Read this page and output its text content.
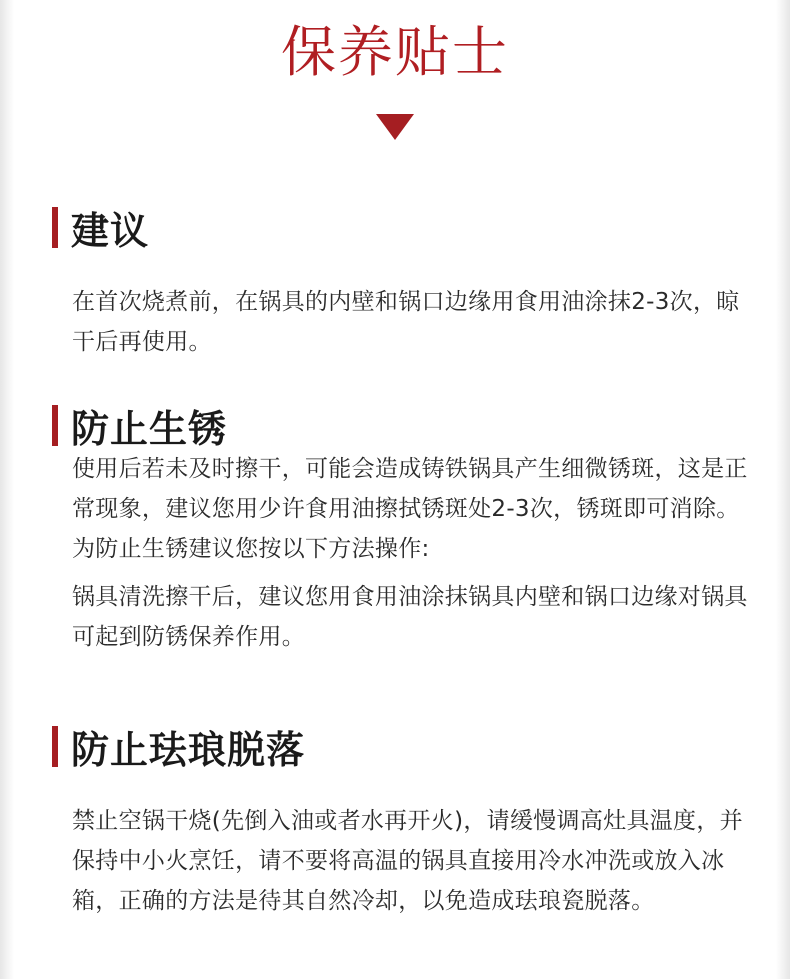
保养贴士
建议
在首次烧煮前，在锅具的内壁和锅口边缘用食用油涂抹2-3次，晾干后再使用。
防止生锈
使用后若未及时擦干，可能会造成铸铁锅具产生细微锈斑，这是正常现象，建议您用少许食用油擦拭锈斑处2-3次，锈斑即可消除。为防止生锈建议您按以下方法操作:
锅具清洗擦干后，建议您用食用油涂抹锅具内壁和锅口边缘对锅具可起到防锈保养作用。
防止珐琅脱落
禁止空锅干烧(先倒入油或者水再开火)，请缓慢调高灶具温度，并保持中小火烹饪，请不要将高温的锅具直接用冷水冲洗或放入冰箱，正确的方法是待其自然冷却，以免造成珐琅瓷脱落。
